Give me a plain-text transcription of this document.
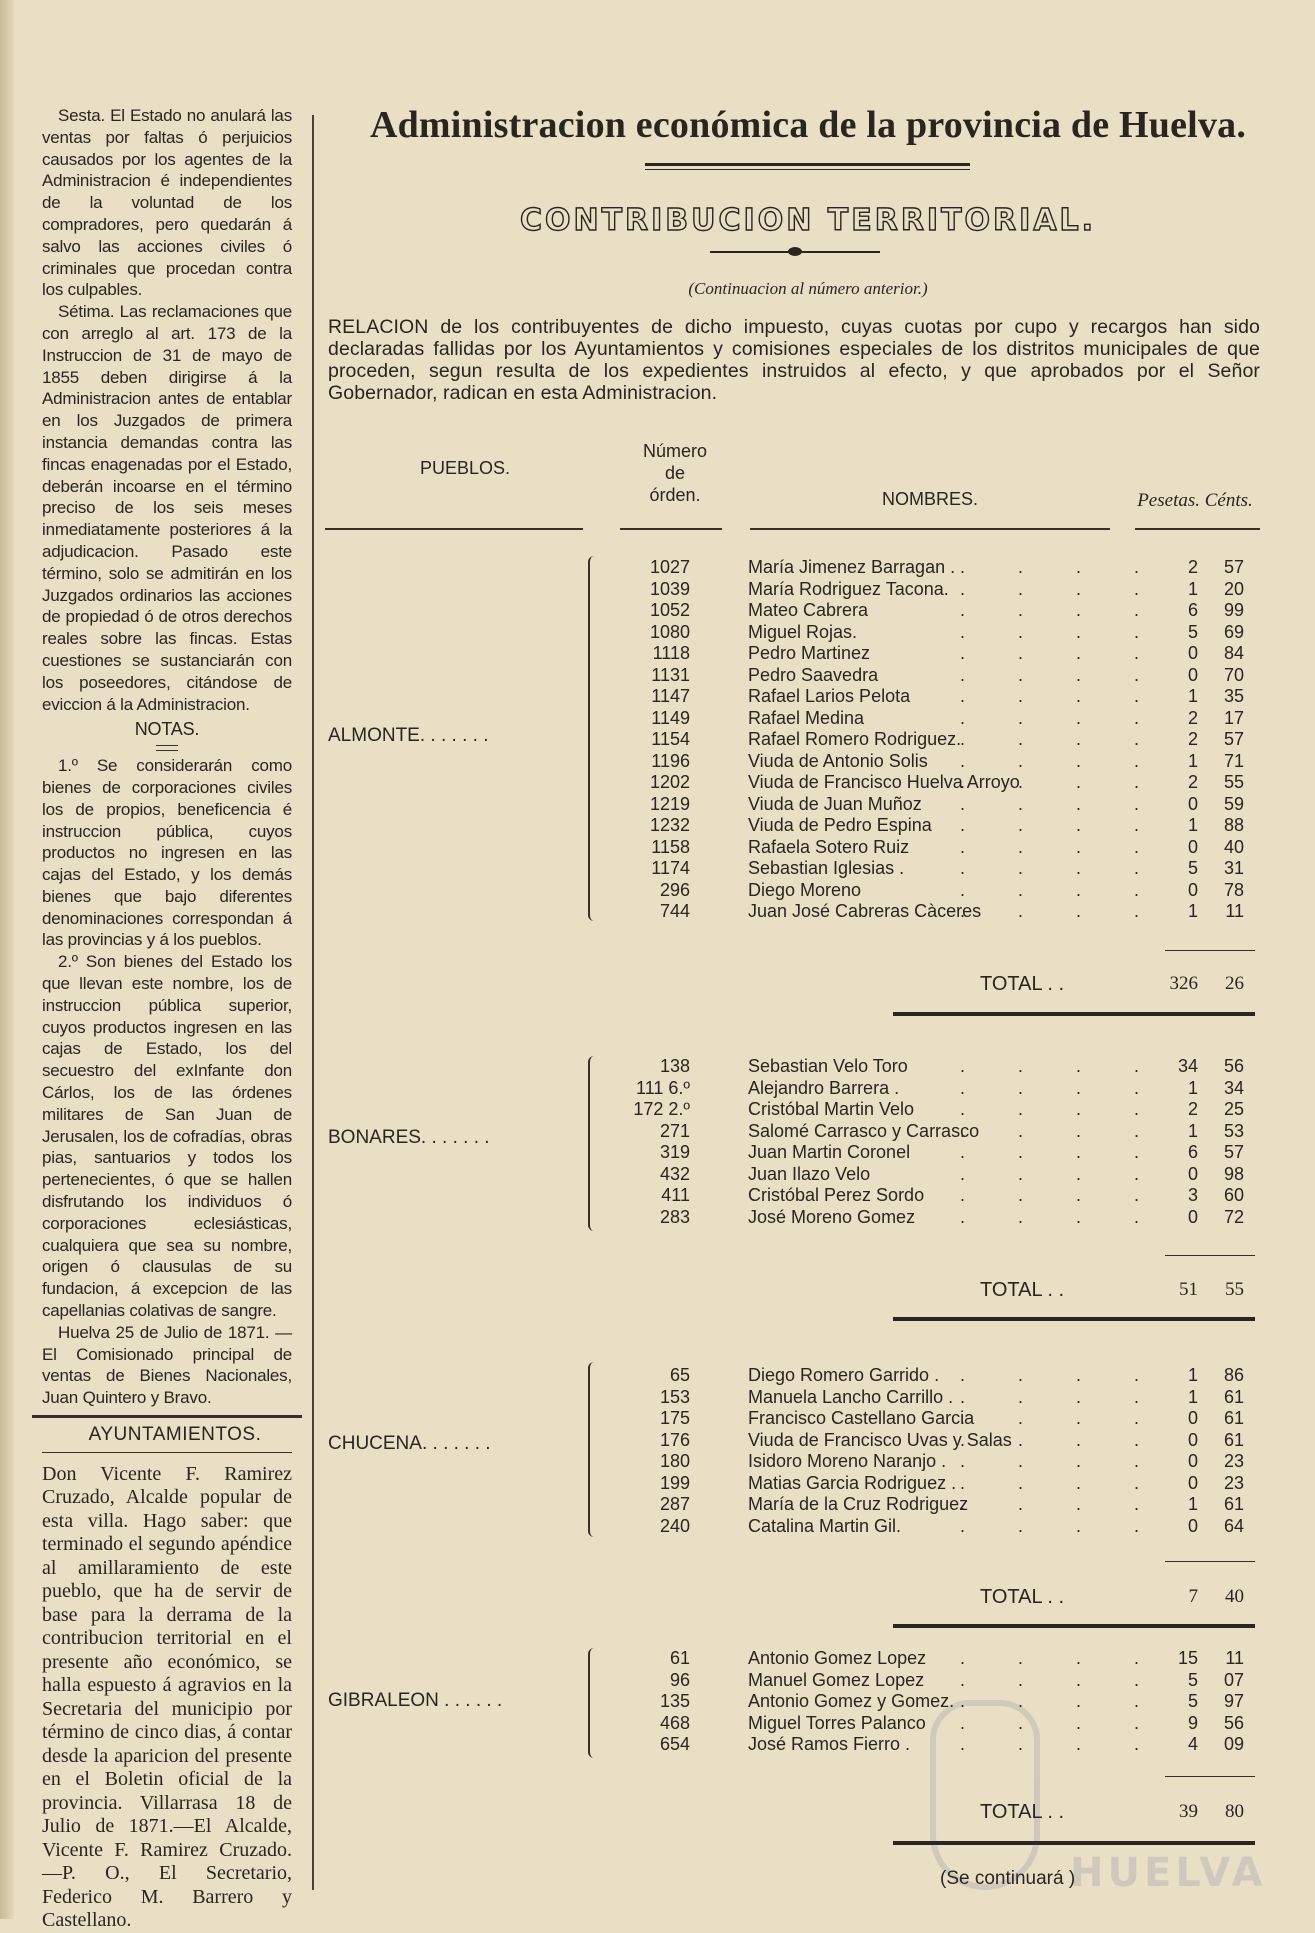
Sesta. El Estado no anulará las ventas por faltas ó perjuicios causados por los agentes de la Administracion é independientes de la voluntad de los compradores, pero quedarán á salvo las acciones civiles ó criminales que procedan contra los culpables.

Sétima. Las reclamaciones que con arreglo al art. 173 de la Instruccion de 31 de mayo de 1855 deben dirigirse á la Administracion antes de entablar en los Juzgados de primera instancia demandas contra las fincas enagenadas por el Estado, deberán incoarse en el término preciso de los seis meses inmediatamente posteriores á la adjudicacion. Pasado este término, solo se admitirán en los Juzgados ordinarios las acciones de propiedad ó de otros derechos reales sobre las fincas. Estas cuestiones se sustanciarán con los poseedores, citándose de eviccion á la Administracion.

NOTAS.

1.º Se considerarán como bienes de corporaciones civiles los de propios, beneficencia é instruccion pública, cuyos productos no ingresen en las cajas del Estado, y los demás bienes que bajo diferentes denominaciones correspondan á las provincias y á los pueblos.

2.º Son bienes del Estado los que llevan este nombre, los de instruccion pública superior, cuyos productos ingresen en las cajas de Estado, los del secuestro del exInfante don Cárlos, los de las órdenes militares de San Juan de Jerusalen, los de cofradías, obras pias, santuarios y todos los pertenecientes, ó que se hallen disfrutando los individuos ó corporaciones eclesiásticas, cualquiera que sea su nombre, origen ó clausulas de su fundacion, á excepcion de las capellanias colativas de sangre.

Huelva 25 de Julio de 1871. —El Comisionado principal de ventas de Bienes Nacionales, Juan Quintero y Bravo.

AYUNTAMIENTOS.

Don Vicente F. Ramirez Cruzado, Alcalde popular de esta villa. Hago saber: que terminado el segundo apéndice al amillaramiento de este pueblo, que ha de servir de base para la derrama de la contribucion territorial en el presente año económico, se halla espuesto á agravios en la Secretaria del municipio por término de cinco dias, á contar desde la aparicion del presente en el Boletin oficial de la provincia. Villarrasa 18 de Julio de 1871.—El Alcalde, Vicente F. Ramirez Cruzado. —P. O., El Secretario, Federico M. Barrero y Castellano.

Administracion económica de la provincia de Huelva.
CONTRIBUCION TERRITORIAL.
(Continuacion al número anterior.)
RELACION de los contribuyentes de dicho impuesto, cuyas cuotas por cupo y recargos han sido declaradas fallidas por los Ayuntamientos y comisiones especiales de los distritos municipales de que proceden, segun resulta de los expedientes instruidos al efecto, y que aprobados por el Señor Gobernador, radican en esta Administracion.
PUEBLOS.
Número
de
órden.	NOMBRES.	Pesetas. Cénts.
ALMONTE. . . . . . .
1027	María Jimenez Barragan .	2	57
. . . .
1039	María Rodriguez Tacona.	1	20
. . . .
1052	Mateo Cabrera	6	99
. . . .
1080	Miguel Rojas.	5	69
. . . .
1118	Pedro Martinez	0	84
. . . .
1131	Pedro Saavedra	0	70
. . . .
1147	Rafael Larios Pelota	1	35
. . . .
1149	Rafael Medina	2	17
. . . .
1154	Rafael Romero Rodriguez.	2	57
. . . .
1196	Viuda de Antonio Solis	1	71
. . . .
1202	Viuda de Francisco Huelva Arroyo	2	55
. . . .
1219	Viuda de Juan Muñoz	0	59
. . . .
1232	Viuda de Pedro Espina	1	88
. . . .
1158	Rafaela Sotero Ruiz	0	40
. . . .
1174	Sebastian Iglesias .	5	31
. . . .
296	Diego Moreno	0	78
. . . .
744	Juan José Cabreras Càceres	1	11
. . . .
TOTAL . .	326	26
BONARES. . . . . . .
138	Sebastian Velo Toro	34	56
. . . .
111 6.º	Alejandro Barrera .	1	34
. . . .
172 2.º	Cristóbal Martin Velo	2	25
. . . .
271	Salomé Carrasco y Carrasco	1	53
. . . .
319	Juan Martin Coronel	6	57
. . . .
432	Juan Ilazo Velo	0	98
. . . .
411	Cristóbal Perez Sordo	3	60
. . . .
283	José Moreno Gomez	0	72
. . . .
TOTAL . .	51	55
CHUCENA. . . . . . .
65	Diego Romero Garrido .	1	86
. . . .
153	Manuela Lancho Carrillo .	1	61
. . . .
175	Francisco Castellano Garcia	0	61
. . . .
176	Viuda de Francisco Uvas y Salas	0	61
. . . .
180	Isidoro Moreno Naranjo .	0	23
. . . .
199	Matias Garcia Rodriguez .	0	23
. . . .
287	María de la Cruz Rodriguez	1	61
. . . .
240	Catalina Martin Gil.	0	64
. . . .
TOTAL . .	7	40
GIBRALEON . . . . . .
61	Antonio Gomez Lopez	15	11
. . . .
96	Manuel Gomez Lopez	5	07
. . . .
135	Antonio Gomez y Gomez.	5	97
. . . .
468	Miguel Torres Palanco	9	56
. . . .
654	José Ramos Fierro .	4	09
. . . .
TOTAL . .	39	80
(Se continuará )
HUELVA
